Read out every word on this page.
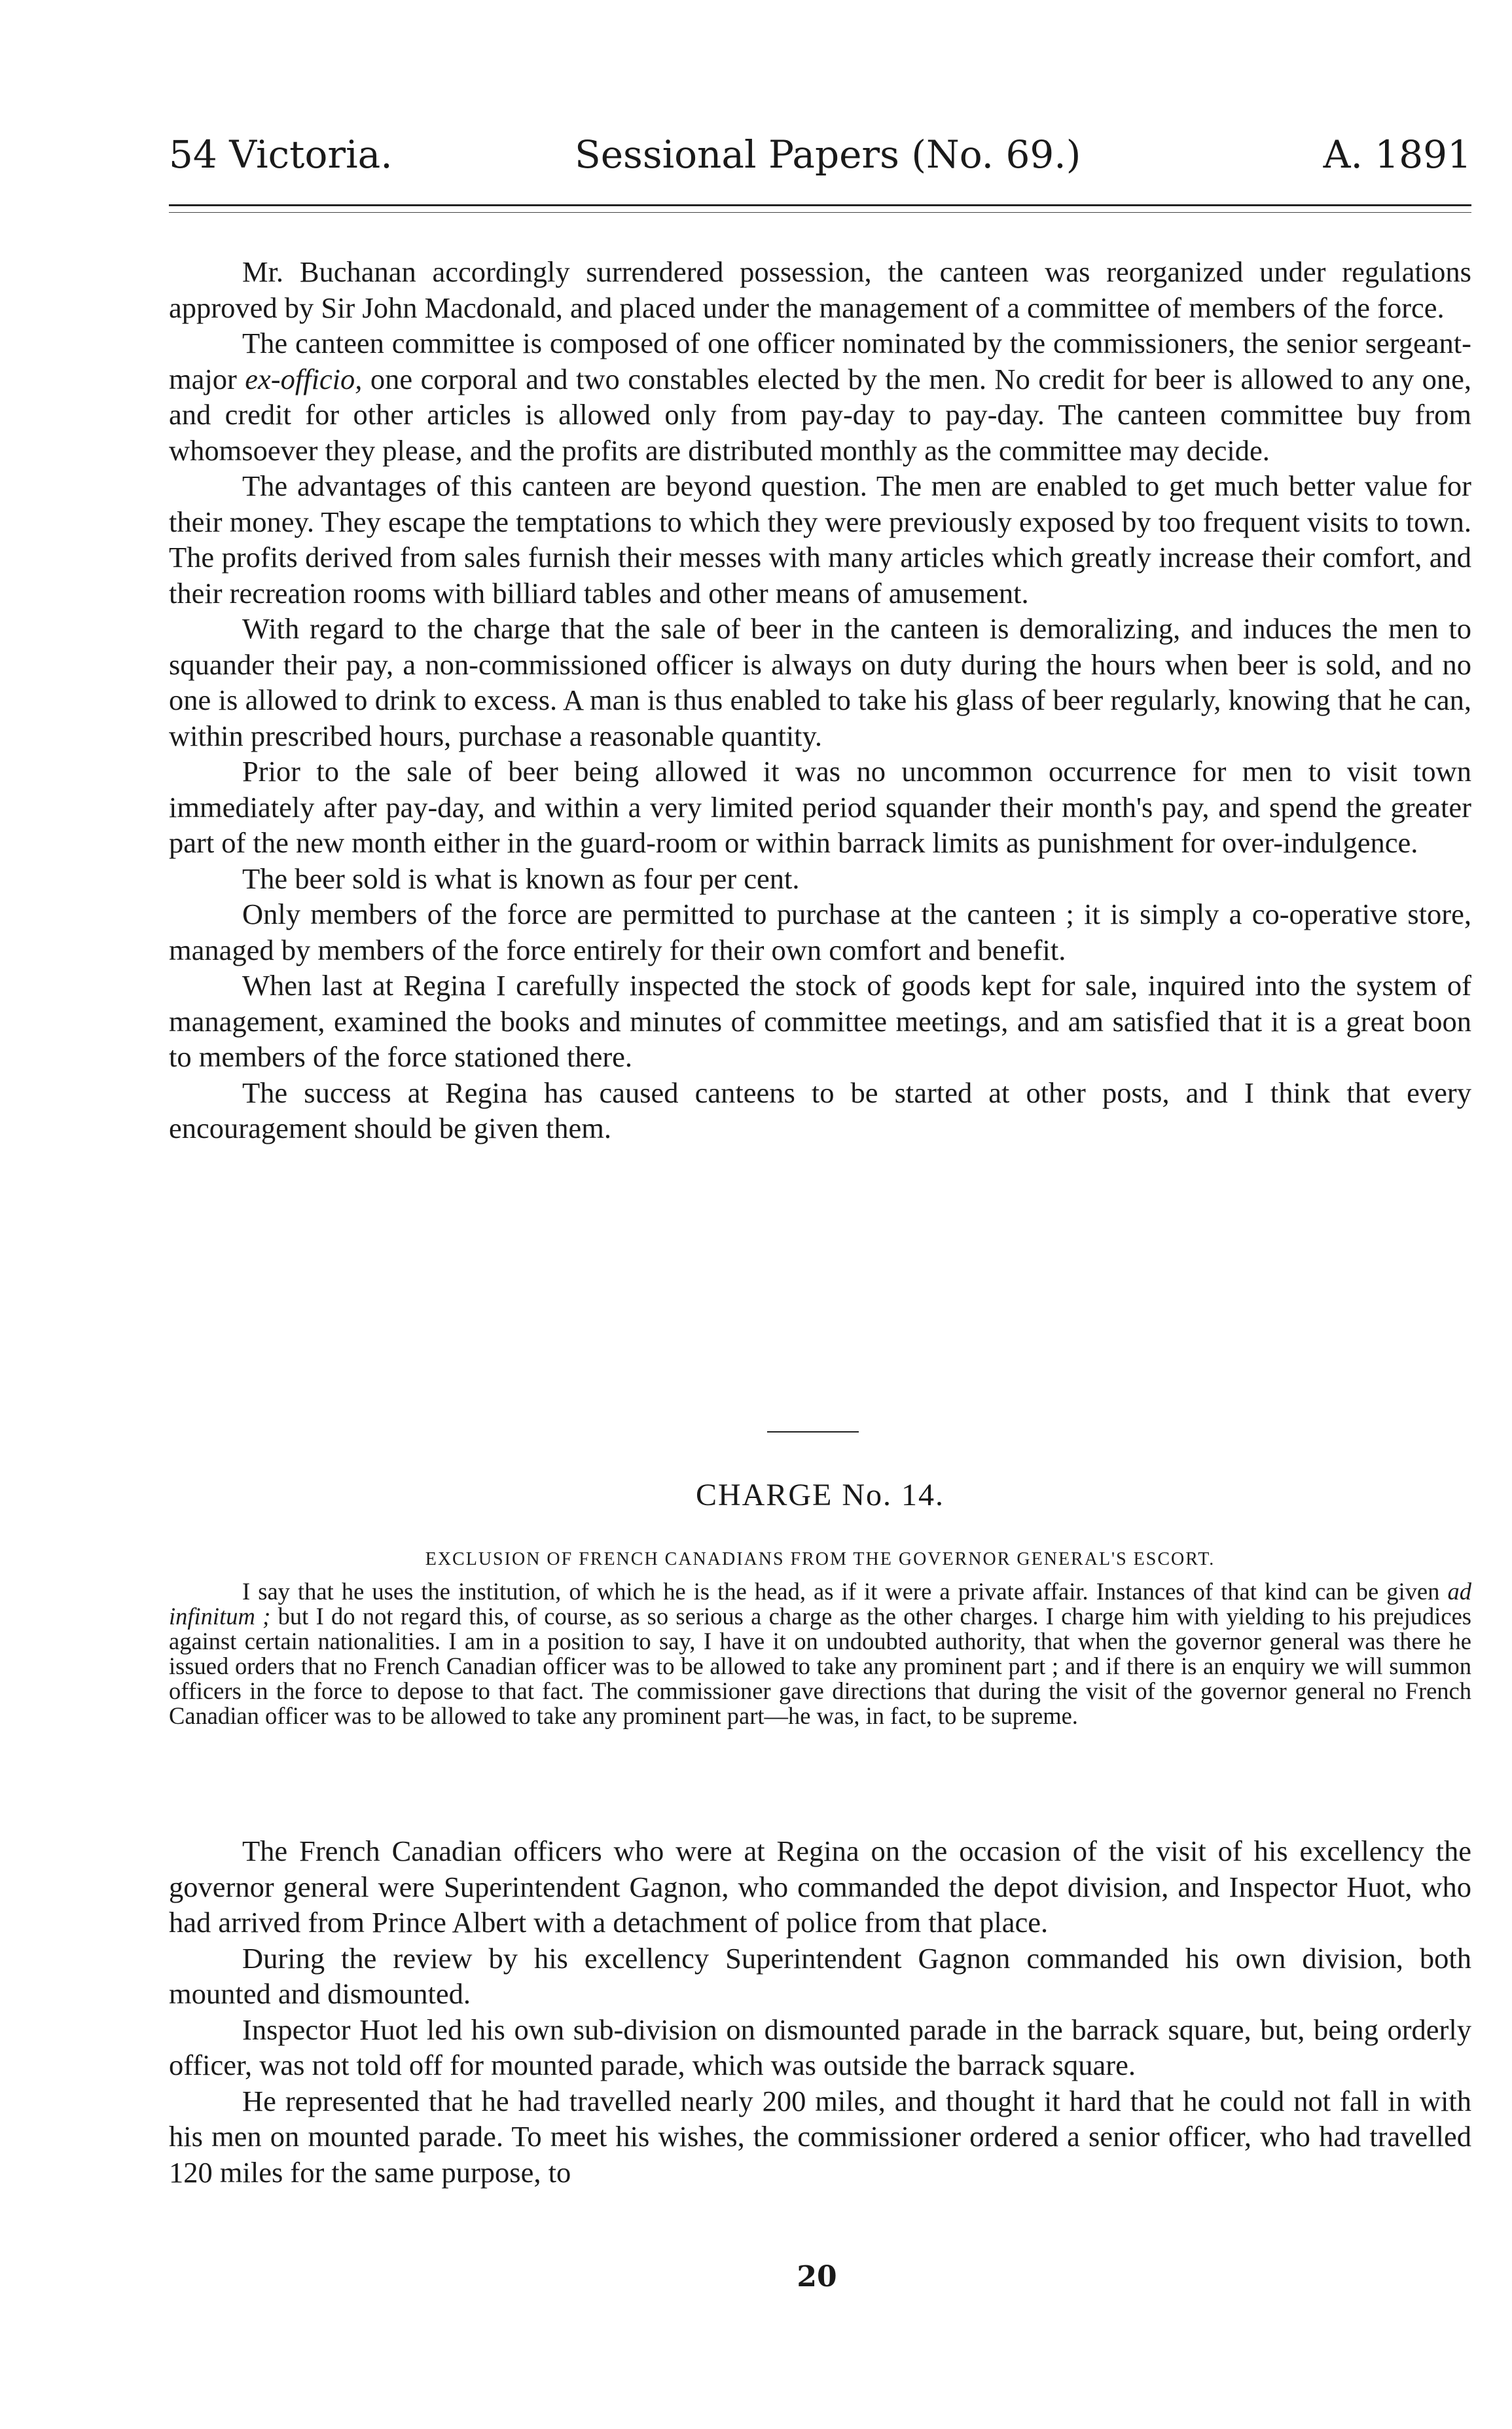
54 Victoria.	Sessional Papers (No. 69.)	A. 1891

Mr. Buchanan accordingly surrendered possession, the canteen was reorganized under regulations approved by Sir John Macdonald, and placed under the management of a committee of members of the force.

The canteen committee is composed of one officer nominated by the commissioners, the senior sergeant-major ex-officio, one corporal and two constables elected by the men. No credit for beer is allowed to any one, and credit for other articles is allowed only from pay-day to pay-day. The canteen committee buy from whomsoever they please, and the profits are distributed monthly as the committee may decide.

The advantages of this canteen are beyond question. The men are enabled to get much better value for their money. They escape the temptations to which they were previously exposed by too frequent visits to town. The profits derived from sales furnish their messes with many articles which greatly increase their comfort, and their recreation rooms with billiard tables and other means of amusement.

With regard to the charge that the sale of beer in the canteen is demoralizing, and induces the men to squander their pay, a non-commissioned officer is always on duty during the hours when beer is sold, and no one is allowed to drink to excess. A man is thus enabled to take his glass of beer regularly, knowing that he can, within prescribed hours, purchase a reasonable quantity.

Prior to the sale of beer being allowed it was no uncommon occurrence for men to visit town immediately after pay-day, and within a very limited period squander their month's pay, and spend the greater part of the new month either in the guard-room or within barrack limits as punishment for over-indulgence.

The beer sold is what is known as four per cent.

Only members of the force are permitted to purchase at the canteen ; it is simply a co-operative store, managed by members of the force entirely for their own comfort and benefit.

When last at Regina I carefully inspected the stock of goods kept for sale, inquired into the system of management, examined the books and minutes of committee meetings, and am satisfied that it is a great boon to members of the force stationed there.

The success at Regina has caused canteens to be started at other posts, and I think that every encouragement should be given them.

CHARGE No. 14.
EXCLUSION OF FRENCH CANADIANS FROM THE GOVERNOR GENERAL'S ESCORT.

I say that he uses the institution, of which he is the head, as if it were a private affair. Instances of that kind can be given ad infinitum ; but I do not regard this, of course, as so serious a charge as the other charges. I charge him with yielding to his prejudices against certain nationalities. I am in a position to say, I have it on undoubted authority, that when the governor general was there he issued orders that no French Canadian officer was to be allowed to take any prominent part ; and if there is an enquiry we will summon officers in the force to depose to that fact. The commissioner gave directions that during the visit of the governor general no French Canadian officer was to be allowed to take any prominent part—he was, in fact, to be supreme.

The French Canadian officers who were at Regina on the occasion of the visit of his excellency the governor general were Superintendent Gagnon, who commanded the depot division, and Inspector Huot, who had arrived from Prince Albert with a detachment of police from that place.

During the review by his excellency Superintendent Gagnon commanded his own division, both mounted and dismounted.

Inspector Huot led his own sub-division on dismounted parade in the barrack square, but, being orderly officer, was not told off for mounted parade, which was outside the barrack square.

He represented that he had travelled nearly 200 miles, and thought it hard that he could not fall in with his men on mounted parade. To meet his wishes, the commissioner ordered a senior officer, who had travelled 120 miles for the same purpose, to

20
